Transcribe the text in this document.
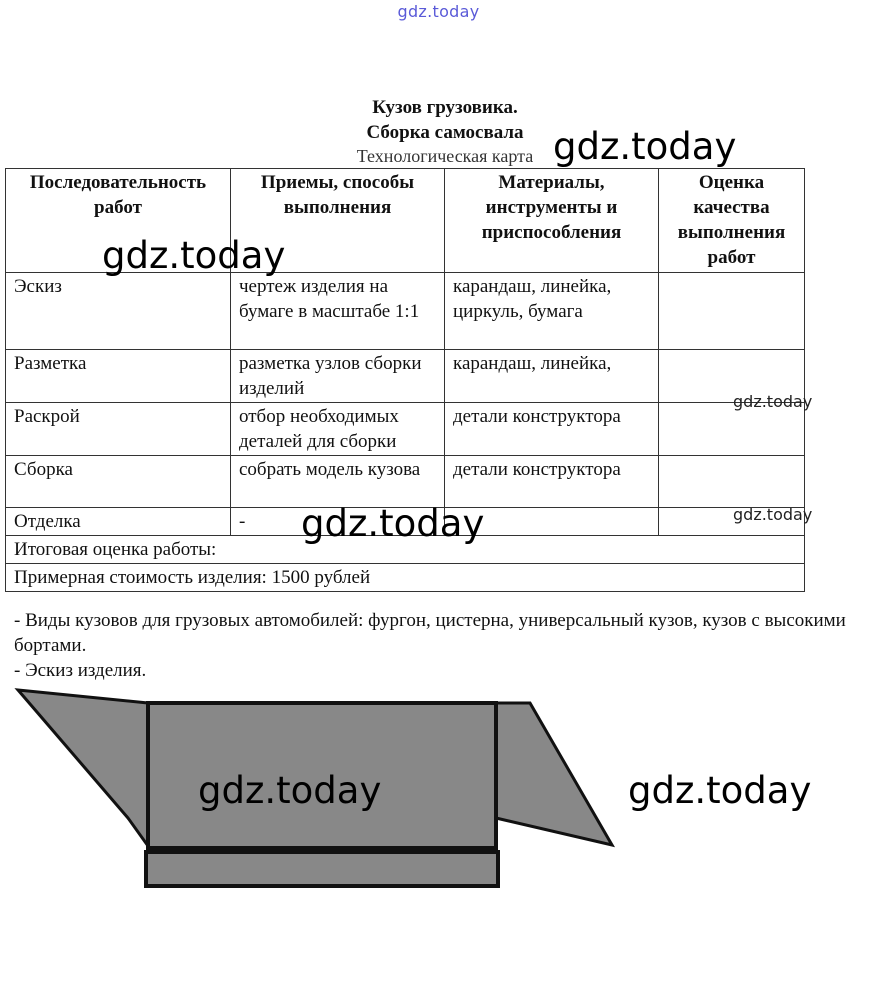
gdz.today
Кузов грузовика.
Сборка самосвала
Технологическая карта
Последовательность работ	Приемы, способы выполнения	Материалы, инструменты и приспособления	Оценка качества выполнения работ
Эскиз	чертеж изделия на бумаге в масштабе 1:1	карандаш, линейка, циркуль, бумага	
Разметка	разметка узлов сборки изделий	карандаш, линейка,	
Раскрой	отбор необходимых деталей для сборки	детали конструктора	
Сборка	собрать модель кузова	детали конструктора	
Отделка	-		
Итоговая оценка работы:			
Примерная стоимость изделия: 1500 рублей			
- Виды кузовов для грузовых автомобилей: фургон, цистерна, универсальный кузов, кузов с высокими бортами.
- Эскиз изделия.
gdz.today
gdz.today
gdz.today
gdz.today	gdz.today
gdz.today
gdz.today
